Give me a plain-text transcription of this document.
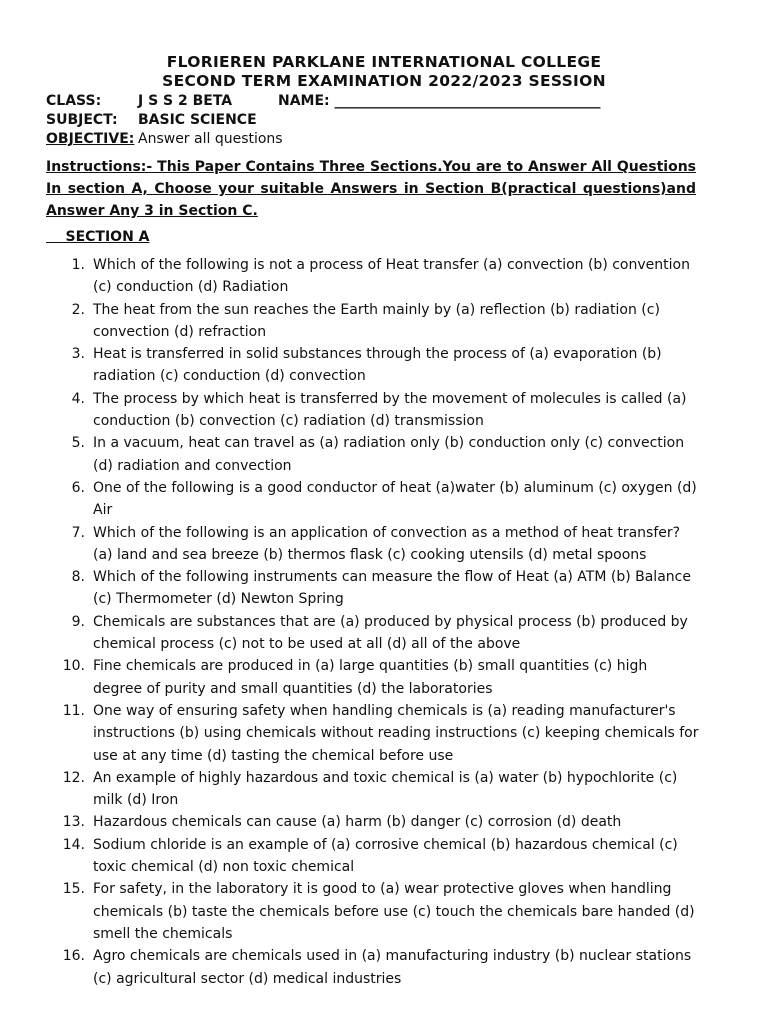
FLORIEREN PARKLANE INTERNATIONAL COLLEGE
SECOND TERM EXAMINATION 2022/2023 SESSION
CLASS:	J S S 2 BETA	NAME: ______________________________________
SUBJECT: BASIC SCIENCE
OBJECTIVE: Answer all questions
Instructions:- This Paper Contains Three Sections.You are to Answer All Questions In section A, Choose your suitable Answers in Section B(practical questions)and Answer Any 3 in Section C.
SECTION A
1. Which of the following is not a process of Heat transfer (a) convection (b) convention (c) conduction (d) Radiation
2. The heat from the sun reaches the Earth mainly by (a) reflection (b) radiation (c) convection (d) refraction
3. Heat is transferred in solid substances through the process of (a) evaporation (b) radiation (c) conduction (d) convection
4. The process by which heat is transferred by the movement of molecules is called (a) conduction (b) convection (c) radiation (d) transmission
5. In a vacuum, heat can travel as (a) radiation only (b) conduction only (c) convection (d) radiation and convection
6. One of the following is a good conductor of heat (a)water (b) aluminum (c) oxygen (d) Air
7. Which of the following is an application of convection as a method of heat transfer? (a) land and sea breeze (b) thermos flask (c) cooking utensils (d) metal spoons
8. Which of the following instruments can measure the flow of Heat (a) ATM (b) Balance (c) Thermometer (d) Newton Spring
9. Chemicals are substances that are (a) produced by physical process (b) produced by chemical process (c) not to be used at all (d) all of the above
10. Fine chemicals are produced in (a) large quantities (b) small quantities (c) high degree of purity and small quantities (d) the laboratories
11. One way of ensuring safety when handling chemicals is (a) reading manufacturer's instructions (b) using chemicals without reading instructions (c) keeping chemicals for use at any time (d) tasting the chemical before use
12. An example of highly hazardous and toxic chemical is (a) water (b) hypochlorite (c) milk (d) Iron
13. Hazardous chemicals can cause (a) harm (b) danger (c) corrosion (d) death
14. Sodium chloride is an example of (a) corrosive chemical (b) hazardous chemical (c) toxic chemical (d) non toxic chemical
15. For safety, in the laboratory it is good to (a) wear protective gloves when handling chemicals (b) taste the chemicals before use (c) touch the chemicals bare handed (d) smell the chemicals
16. Agro chemicals are chemicals used in (a) manufacturing industry (b) nuclear stations (c) agricultural sector (d) medical industries
